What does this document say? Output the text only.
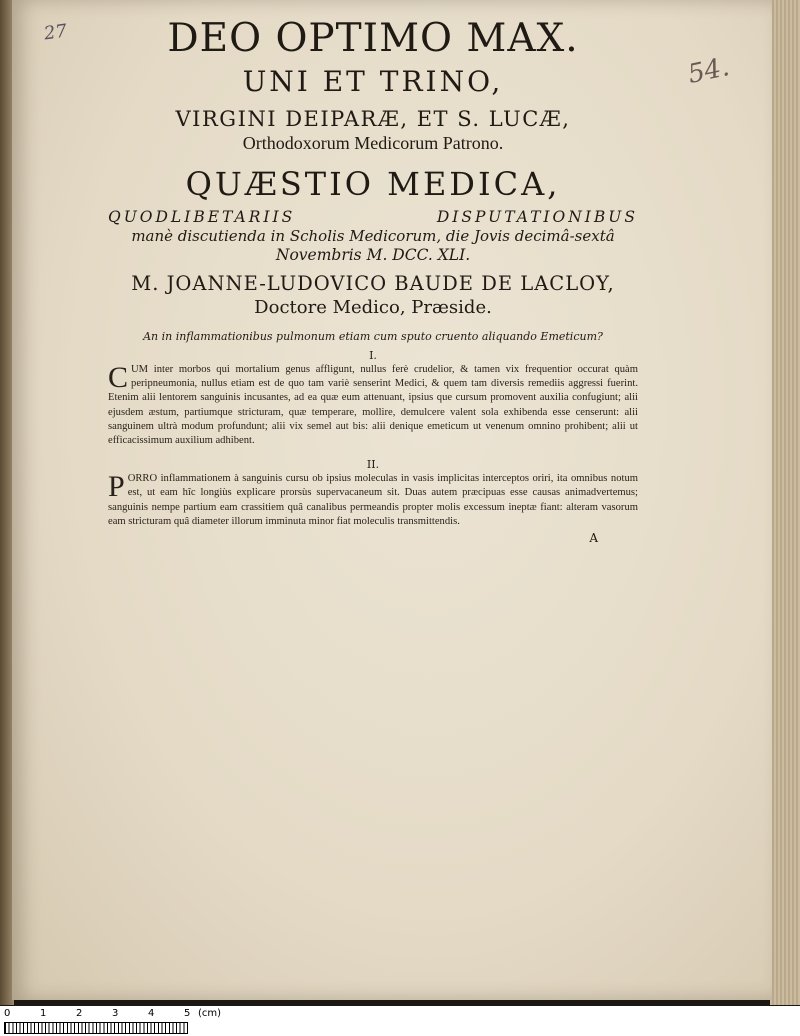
27
54.
DEO OPTIMO MAX.
UNI ET TRINO,
VIRGINI DEIPARÆ, ET S. LUCÆ,
Orthodoxorum Medicorum Patrono.
QUÆSTIO MEDICA,
QUODLIBETARIIS DISPUTATIONIBUS
manè discutienda in Scholis Medicorum, die Jovis decimâ-sextâ
Novembris M. DCC. XLI.
M. JOANNE-LUDOVICO BAUDE DE LACLOY,
Doctore Medico, Præside.
An in inflammationibus pulmonum etiam cum sputo cruento aliquando Emeticum?
I.

CUM inter morbos qui mortalium genus affligunt, nullus ferè crudelior, & tamen vix frequentior occurat quàm peripneumonia, nullus etiam est de quo tam variè senserint Medici, & quem tam diversis remediis aggressi fuerint. Etenim alii lentorem sanguinis incusantes, ad ea quæ eum attenuant, ipsius que cursum promovent auxilia confugiunt; alii ejusdem æstum, partiumque stricturam, quæ temperare, mollire, demulcere valent sola exhibenda esse censerunt: alii sanguinem ultrà modum profundunt; alii vix semel aut bis: alii denique emeticum ut venenum omnino prohibent; alii ut efficacissimum auxilium adhibent.

II.

PORRO inflammationem à sanguinis cursu ob ipsius moleculas in vasis implicitas interceptos oriri, ita omnibus notum est, ut eam hîc longiùs explicare prorsùs supervacaneum sit. Duas autem præcipuas esse causas animadvertemus; sanguinis nempe partium eam crassitiem quâ canalibus permeandis propter molis excessum ineptæ fiant: alteram vasorum eam stricturam quâ diameter illorum imminuta minor fiat moleculis transmittendis.

A
0	1	2	3	4	5 (cm)
